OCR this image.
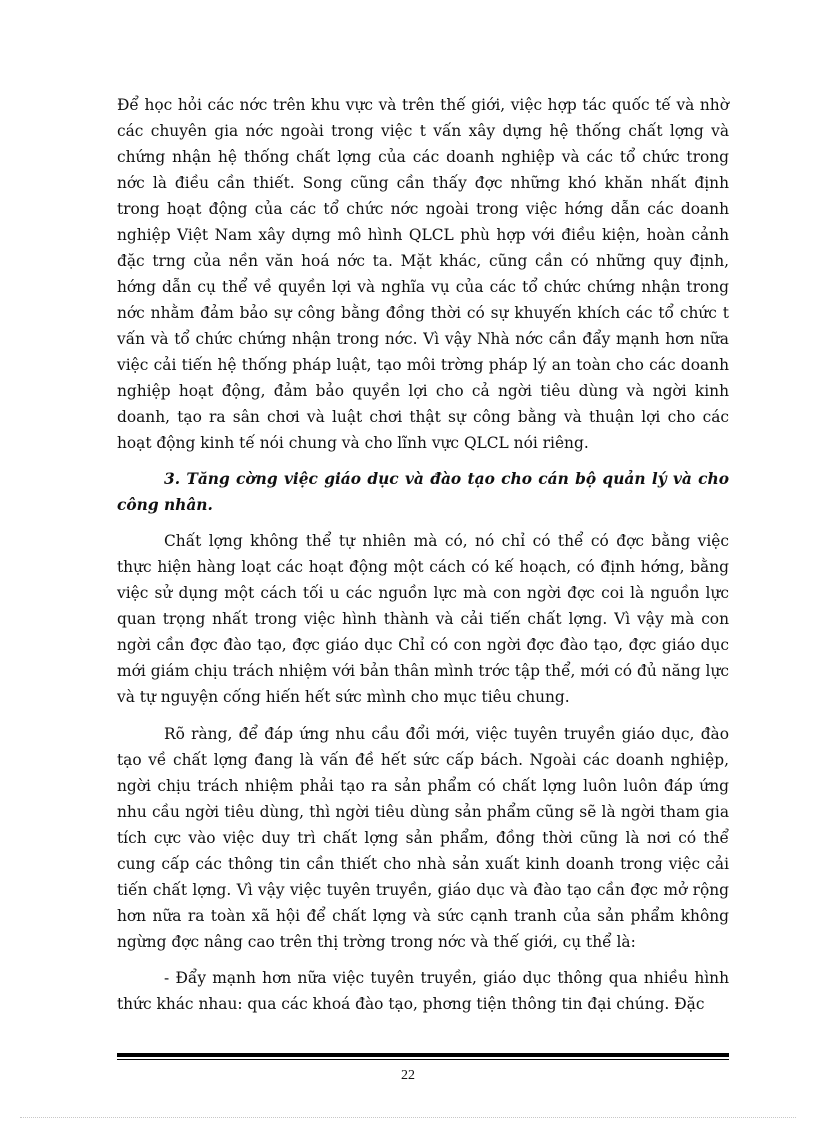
Để học hỏi các nớc trên khu vực và trên thế giới, việc hợp tác quốc tế và nhờ các chuyên gia nớc ngoài trong việc t vấn xây dựng hệ thống chất lợng và chứng nhận hệ thống chất lợng của các doanh nghiệp và các tổ chức trong nớc là điều cần thiết. Song cũng cần thấy đợc những khó khăn nhất định trong hoạt động của các tổ chức nớc ngoài trong việc hớng dẫn các doanh nghiệp Việt Nam xây dựng mô hình QLCL phù hợp với điều kiện, hoàn cảnh đặc trng của nền văn hoá nớc ta. Mặt khác, cũng cần có những quy định, hớng dẫn cụ thể về quyền lợi và nghĩa vụ của các tổ chức chứng nhận trong nớc nhằm đảm bảo sự công bằng đồng thời có sự khuyến khích các tổ chức t vấn và tổ chức chứng nhận trong nớc. Vì vậy Nhà nớc cần đẩy mạnh hơn nữa việc cải tiến hệ thống pháp luật, tạo môi trờng pháp lý an toàn cho các doanh nghiệp hoạt động, đảm bảo quyền lợi cho cả ngời tiêu dùng và ngời kinh doanh, tạo ra sân chơi và luật chơi thật sự công bằng và thuận lợi cho các hoạt động kinh tế nói chung và cho lĩnh vực QLCL nói riêng.

3. Tăng cờng việc giáo dục và đào tạo cho cán bộ quản lý và cho công nhân.

Chất lợng không thể tự nhiên mà có, nó chỉ có thể có đợc bằng việc thực hiện hàng loạt các hoạt động một cách có kế hoạch, có định hớng, bằng việc sử dụng một cách tối u các nguồn lực mà con ngời đợc coi là nguồn lực quan trọng nhất trong việc hình thành và cải tiến chất lợng. Vì vậy mà con ngời cần đợc đào tạo, đợc giáo dục Chỉ có con ngời đợc đào tạo, đợc giáo dục mới giám chịu trách nhiệm với bản thân mình trớc tập thể, mới có đủ năng lực và tự nguyện cống hiến hết sức mình cho mục tiêu chung.

Rõ ràng, để đáp ứng nhu cầu đổi mới, việc tuyên truyền giáo dục, đào tạo về chất lợng đang là vấn đề hết sức cấp bách. Ngoài các doanh nghiệp, ngời chịu trách nhiệm phải tạo ra sản phẩm có chất lợng luôn luôn đáp ứng nhu cầu ngời tiêu dùng, thì ngời tiêu dùng sản phẩm cũng sẽ là ngời tham gia tích cực vào việc duy trì chất lợng sản phẩm, đồng thời cũng là nơi có thể cung cấp các thông tin cần thiết cho nhà sản xuất kinh doanh trong việc cải tiến chất lợng. Vì vậy việc tuyên truyền, giáo dục và đào tạo cần đợc mở rộng hơn nữa ra toàn xã hội để chất lợng và sức cạnh tranh của sản phẩm không ngừng đợc nâng cao trên thị trờng trong nớc và thế giới, cụ thể là:

- Đẩy mạnh hơn nữa việc tuyên truyền, giáo dục thông qua nhiều hình thức khác nhau: qua các khoá đào tạo, phơng tiện thông tin đại chúng. Đặc

22
